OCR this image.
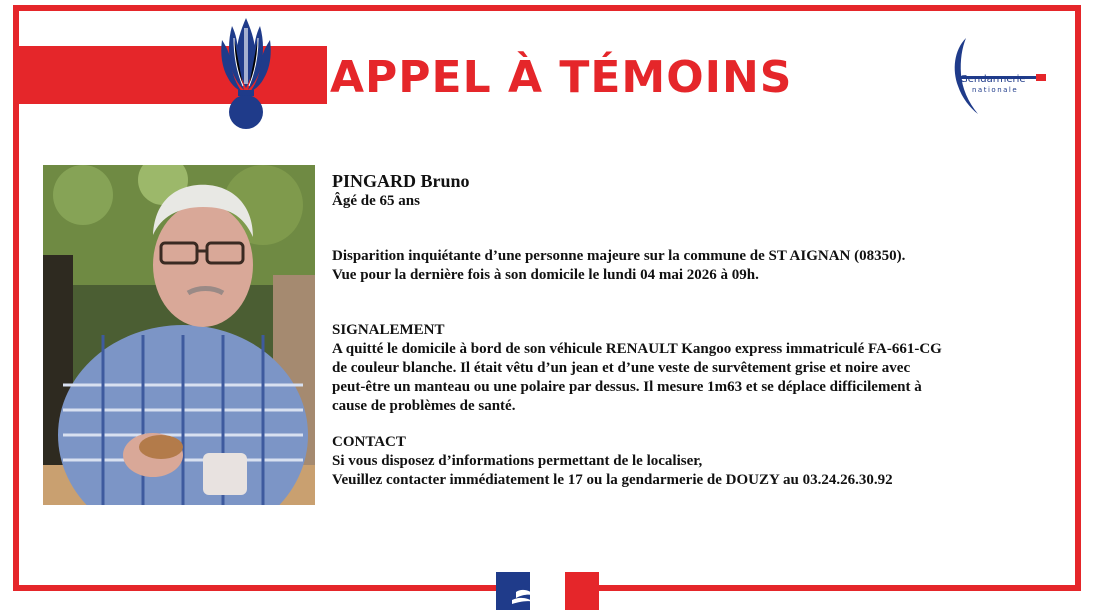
APPEL À TÉMOINS	Gendarmerie
nationale

PINGARD Bruno

Âgé de 65 ans

Disparition inquiétante d’une personne majeure sur la commune de ST AIGNAN (08350).

Vue pour la dernière fois à son domicile le lundi 04 mai 2026 à 09h.

SIGNALEMENT

A quitté le domicile à bord de son véhicule RENAULT Kangoo express immatriculé FA-661-CG

de couleur blanche. Il était vêtu d’un jean et d’une veste de survêtement grise et noire avec

peut-être un manteau ou une polaire par dessus. Il mesure 1m63 et se déplace difficilement à

cause de problèmes de santé.

CONTACT

Si vous disposez d’informations permettant de le localiser,

Veuillez contacter immédiatement le 17 ou la gendarmerie de DOUZY au 03.24.26.30.92
